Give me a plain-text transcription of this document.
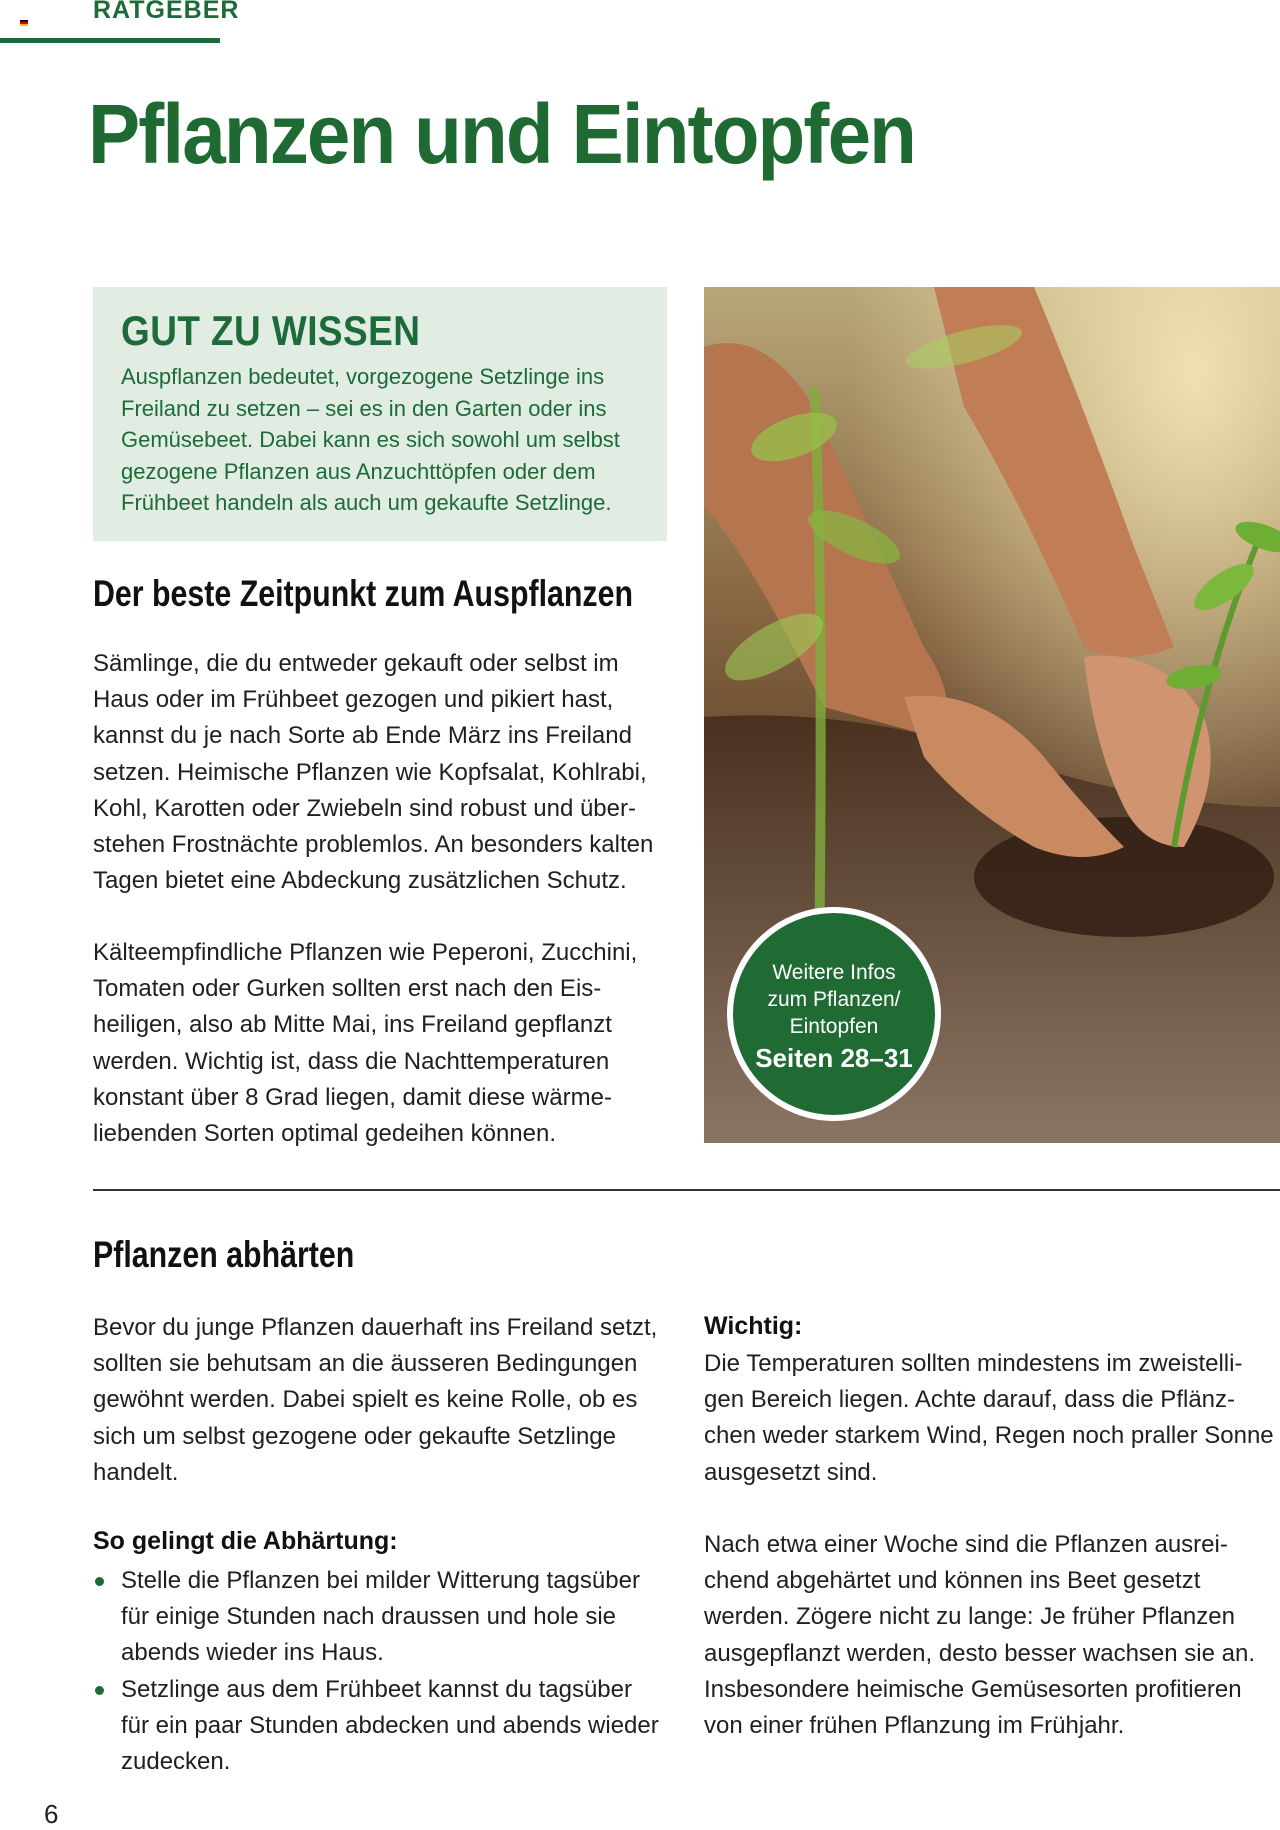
RATGEBER
Pflanzen und Eintopfen
GUT ZU WISSEN

Auspflanzen bedeutet, vorgezogene Setzlinge ins
Freiland zu setzen – sei es in den Garten oder ins
Gemüsebeet. Dabei kann es sich sowohl um selbst
gezogene Pflanzen aus Anzuchttöpfen oder dem
Frühbeet handeln als auch um gekaufte Setzlinge.

Der beste Zeitpunkt zum Auspflanzen

Sämlinge, die du entweder gekauft oder selbst im
Haus oder im Frühbeet gezogen und pikiert hast,
kannst du je nach Sorte ab Ende März ins Freiland
setzen. Heimische Pflanzen wie Kopfsalat, Kohlrabi,
Kohl, Karotten oder Zwiebeln sind robust und über-
stehen Frostnächte problemlos. An besonders kalten
Tagen bietet eine Abdeckung zusätzlichen Schutz.

Kälteempfindliche Pflanzen wie Peperoni, Zucchini,
Tomaten oder Gurken sollten erst nach den Eis-
heiligen, also ab Mitte Mai, ins Freiland gepflanzt
werden. Wichtig ist, dass die Nachttemperaturen
konstant über 8 Grad liegen, damit diese wärme-
liebenden Sorten optimal gedeihen können.

Weitere Infos
zum Pflanzen/
Eintopfen
Seiten 28–31
Pflanzen abhärten

Bevor du junge Pflanzen dauerhaft ins Freiland setzt,
sollten sie behutsam an die äusseren Bedingungen
gewöhnt werden. Dabei spielt es keine Rolle, ob es
sich um selbst gezogene oder gekaufte Setzlinge
handelt.

So gelingt die Abhärtung:

Stelle die Pflanzen bei milder Witterung tagsüber
für einige Stunden nach draussen und hole sie
abends wieder ins Haus.
Setzlinge aus dem Frühbeet kannst du tagsüber
für ein paar Stunden abdecken und abends wieder
zudecken.

Wichtig:

Die Temperaturen sollten mindestens im zweistelli-
gen Bereich liegen. Achte darauf, dass die Pflänz-
chen weder starkem Wind, Regen noch praller Sonne
ausgesetzt sind.

Nach etwa einer Woche sind die Pflanzen ausrei-
chend abgehärtet und können ins Beet gesetzt
werden. Zögere nicht zu lange: Je früher Pflanzen
ausgepflanzt werden, desto besser wachsen sie an.
Insbesondere heimische Gemüsesorten profitieren
von einer frühen Pflanzung im Frühjahr.

6
